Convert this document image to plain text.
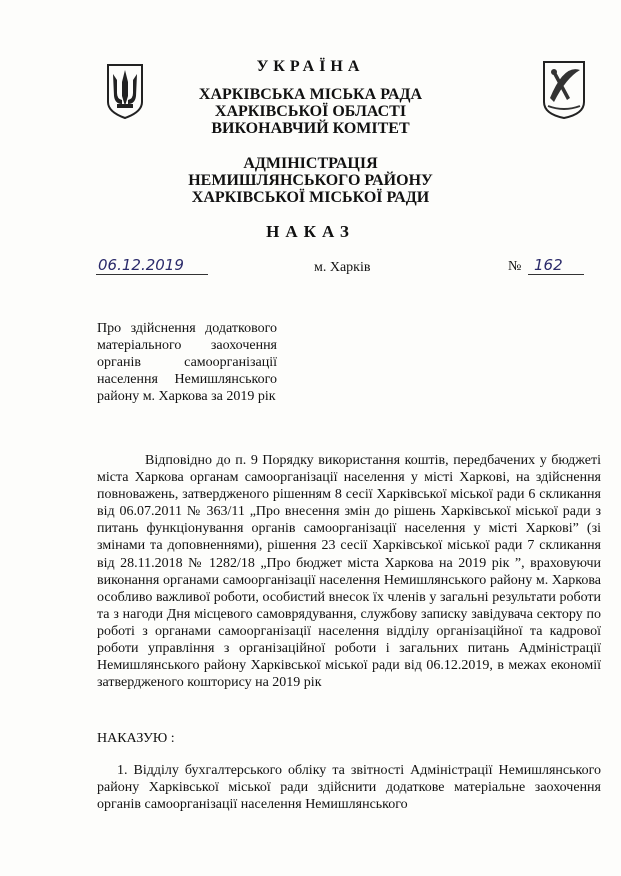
УКРАЇНА
ХАРКІВСЬКА МІСЬКА РАДА
ХАРКІВСЬКОЇ ОБЛАСТІ
ВИКОНАВЧИЙ КОМІТЕТ
АДМІНІСТРАЦІЯ
НЕМИШЛЯНСЬКОГО РАЙОНУ
ХАРКІВСЬКОЇ МІСЬКОЇ РАДИ
НАКАЗ
06.12.2019	м. Харків	№ 162
Про здійснення додаткового матеріального заохочення органів самоорганізації населення Немишлянського району м. Харкова за 2019 рік
Відповідно до п. 9 Порядку використання коштів, передбачених у бюджеті міста Харкова органам самоорганізації населення у місті Харкові, на здійснення повноважень, затвердженого рішенням 8 сесії Харківської міської ради 6 скликання від 06.07.2011 № 363/11 „Про внесення змін до рішень Харківської міської ради з питань функціонування органів самоорганізації населення у місті Харкові” (зі змінами та доповненнями), рішення 23 сесії Харківської міської ради 7 скликання від 28.11.2018 № 1282/18 „Про бюджет міста Харкова на 2019 рік ”, враховуючи виконання органами самоорганізації населення Немишлянського району м. Харкова особливо важливої роботи, особистий внесок їх членів у загальні результати роботи та з нагоди Дня місцевого самоврядування, службову записку завідувача сектору по роботі з органами самоорганізації населення відділу організаційної та кадрової роботи управління з організаційної роботи і загальних питань Адміністрації Немишлянського району Харківської міської ради від 06.12.2019, в межах економії затвердженого кошторису на 2019 рік
НАКАЗУЮ :
1. Відділу бухгалтерського обліку та звітності Адміністрації Немишлянського району Харківської міської ради здійснити додаткове матеріальне заохочення органів самоорганізації населення Немишлянського
